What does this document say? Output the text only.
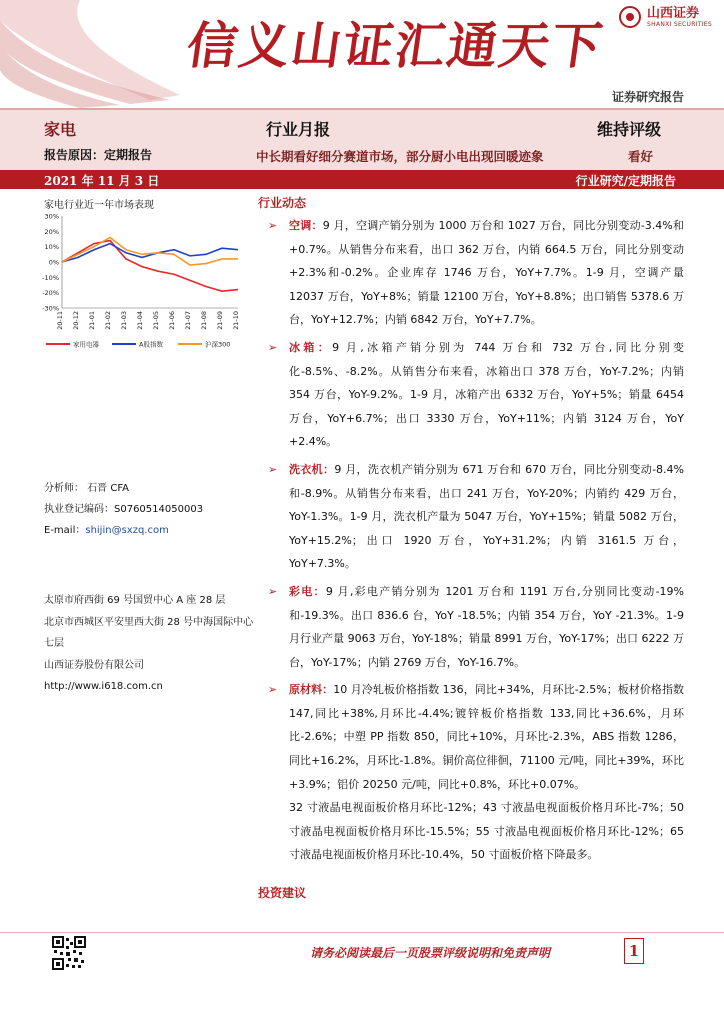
信义山证汇通天下
山西证券
SHANXI SECURITIES
证券研究报告
家电	行业月报	维持评级
报告原因：定期报告	中长期看好细分赛道市场，部分厨小电出现回暖迹象	看好
2021 年 11 月 3 日	行业研究/定期报告
家电行业近一年市场表现
30%
20%
10%
0%
-10%
-20%
-30%
20-11 20-12 21-01 21-02 21-03 21-04 21-05 21-06 21-07 21-08 21-09 21-10
家用电器	A股指数	沪深300
分析师： 石晋 CFA
执业登记编码：S0760514050003
E-mail：shijin@sxzq.com
太原市府西街 69 号国贸中心 A 座 28 层
北京市西城区平安里西大街 28 号中海国际中心七层
山西证券股份有限公司
http://www.i618.com.cn
行业动态
➢ 空调：9 月，空调产销分别为 1000 万台和 1027 万台，同比分别变动-3.4%和+0.7%。从销售分布来看，出口 362 万台，内销 664.5 万台，同比分别变动+2.3%和-0.2%。企业库存 1746 万台，YoY+7.7%。1-9 月，空调产量 12037 万台，YoY+8%；销量 12100 万台，YoY+8.8%；出口销售 5378.6 万台，YoY+12.7%；内销 6842 万台，YoY+7.7%。
➢ 冰箱：9 月,冰箱产销分别为 744 万台和 732 万台,同比分别变化-8.5%、-8.2%。从销售分布来看，冰箱出口 378 万台，YoY-7.2%；内销 354 万台，YoY-9.2%。1-9 月，冰箱产出 6332 万台，YoY+5%；销量 6454 万台，YoY+6.7%；出口 3330 万台，YoY+11%；内销 3124 万台，YoY +2.4%。
➢ 洗衣机：9 月，洗衣机产销分别为 671 万台和 670 万台，同比分别变动-8.4%和-8.9%。从销售分布来看，出口 241 万台，YoY-20%；内销约 429 万台，YoY-1.3%。1-9 月，洗衣机产量为 5047 万台，YoY+15%；销量 5082 万台，YoY+15.2%；出口 1920 万台，YoY+31.2%；内销 3161.5 万台，YoY+7.3%。
➢ 彩电：9 月,彩电产销分别为 1201 万台和 1191 万台,分别同比变动-19%和-19.3%。出口 836.6 台，YoY -18.5%；内销 354 万台，YoY -21.3%。1-9 月行业产量 9063 万台，YoY-18%；销量 8991 万台，YoY-17%；出口 6222 万台，YoY-17%；内销 2769 万台，YoY-16.7%。
➢ 原材料：10 月冷轧板价格指数 136，同比+34%，月环比-2.5%；板材价格指数 147,同比+38%,月环比-4.4%;镀锌板价格指数 133,同比+36.6%，月环比-2.6%；中塑 PP 指数 850，同比+10%，月环比-2.3%，ABS 指数 1286，同比+16.2%，月环比-1.8%。铜价高位徘徊，71100 元/吨，同比+39%，环比+3.9%；铝价 20250 元/吨，同比+0.8%，环比+0.07%。
32 寸液晶电视面板价格月环比-12%；43 寸液晶电视面板价格月环比-7%；50 寸液晶电视面板价格月环比-15.5%；55 寸液晶电视面板价格月环比-12%；65 寸液晶电视面板价格月环比-10.4%，50 寸面板价格下降最多。
投资建议
请务必阅读最后一页股票评级说明和免责声明	1
